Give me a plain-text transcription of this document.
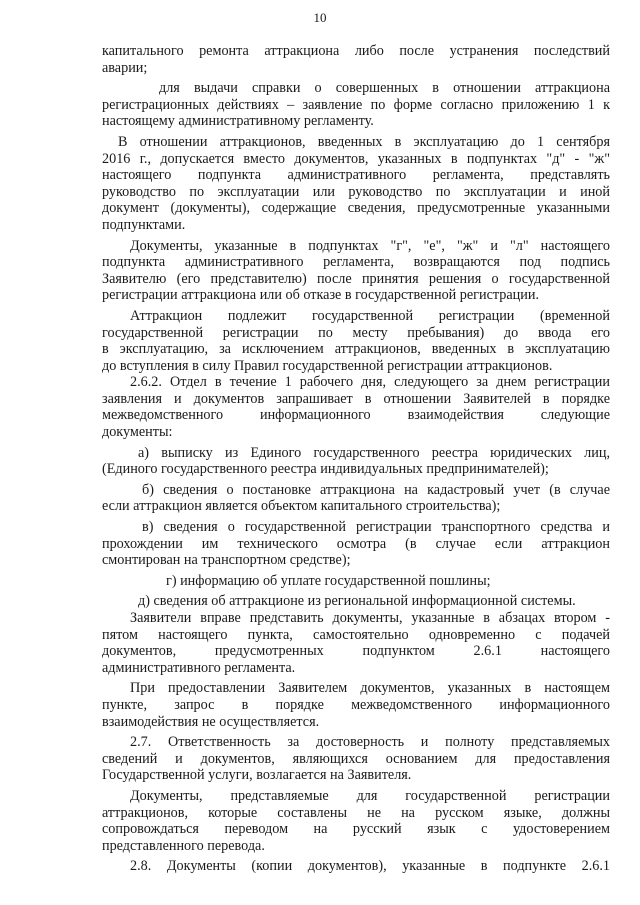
10
капитального ремонта аттракциона либо после устранения последствий
аварии;
для выдачи справки о совершенных в отношении аттракциона
регистрационных действиях – заявление по форме согласно приложению 1 к
настоящему административному регламенту.
В отношении аттракционов, введенных в эксплуатацию до 1 сентября
2016 г., допускается вместо документов, указанных в подпунктах "д" - "ж"
настоящего подпункта административного регламента, представлять
руководство по эксплуатации или руководство по эксплуатации и иной
документ (документы), содержащие сведения, предусмотренные указанными
подпунктами.
Документы, указанные в подпунктах "г", "е", "ж" и "л" настоящего
подпункта административного регламента, возвращаются под подпись
Заявителю (его представителю) после принятия решения о государственной
регистрации аттракциона или об отказе в государственной регистрации.
Аттракцион подлежит государственной регистрации (временной
государственной регистрации по месту пребывания) до ввода его
в эксплуатацию, за исключением аттракционов, введенных в эксплуатацию
до вступления в силу Правил государственной регистрации аттракционов.
2.6.2. Отдел в течение 1 рабочего дня, следующего за днем регистрации
заявления и документов запрашивает в отношении Заявителей в порядке
межведомственного информационного взаимодействия следующие
документы:
а) выписку из Единого государственного реестра юридических лиц,
(Единого государственного реестра индивидуальных предпринимателей);
б) сведения о постановке аттракциона на кадастровый учет (в случае
если аттракцион является объектом капитального строительства);
в) сведения о государственной регистрации транспортного средства и
прохождении им технического осмотра (в случае если аттракцион
смонтирован на транспортном средстве);
г) информацию об уплате государственной пошлины;
д) сведения об аттракционе из региональной информационной системы.
Заявители вправе представить документы, указанные в абзацах втором -
пятом настоящего пункта, самостоятельно одновременно с подачей
документов, предусмотренных подпунктом 2.6.1 настоящего
административного регламента.
При предоставлении Заявителем документов, указанных в настоящем
пункте, запрос в порядке межведомственного информационного
взаимодействия не осуществляется.
2.7. Ответственность за достоверность и полноту представляемых
сведений и документов, являющихся основанием для предоставления
Государственной услуги, возлагается на Заявителя.
Документы, представляемые для государственной регистрации
аттракционов, которые составлены не на русском языке, должны
сопровождаться переводом на русский язык с удостоверением
представленного перевода.
2.8. Документы (копии документов), указанные в подпункте 2.6.1
